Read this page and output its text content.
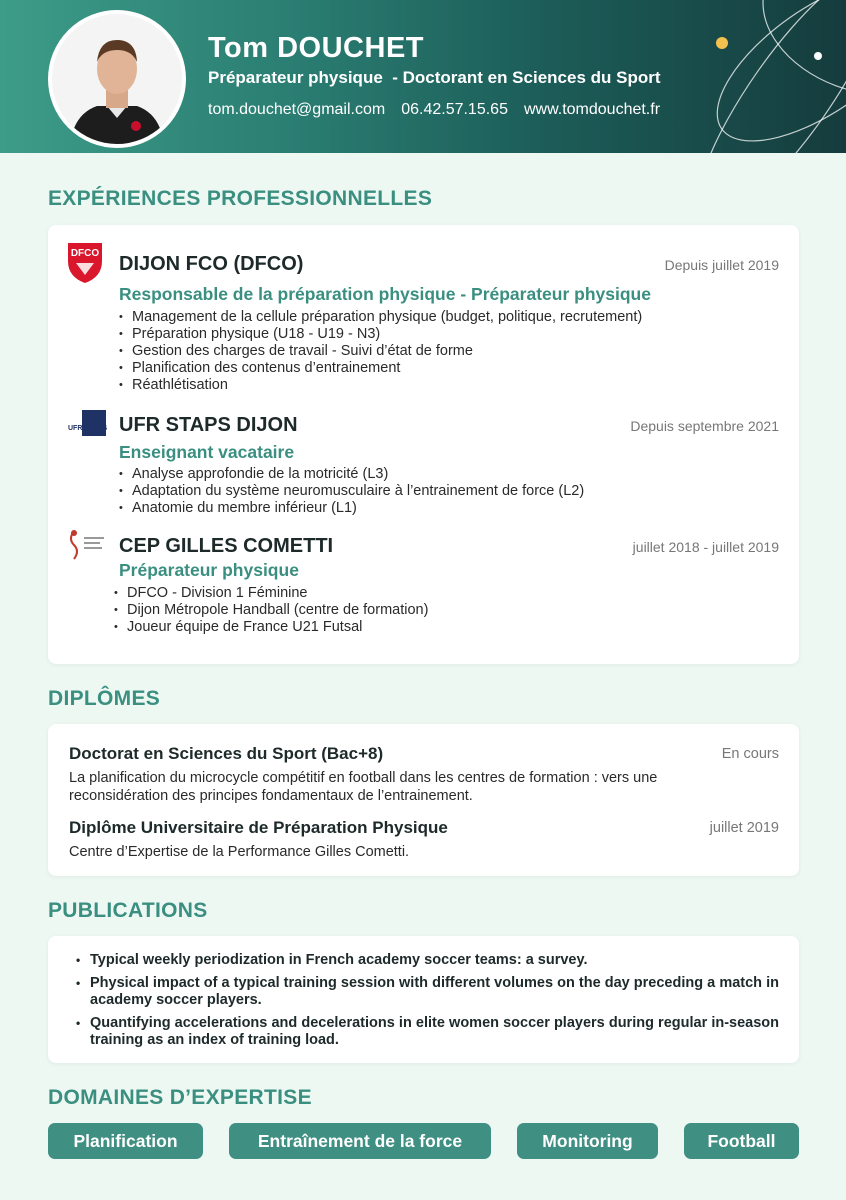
Tom DOUCHET
Préparateur physique  - Doctorant en Sciences du Sport
tom.douchet@gmail.com 06.42.57.15.65 www.tomdouchet.fr
EXPÉRIENCES PROFESSIONNELLES
DFCO DIJON FCO (DFCO)	Depuis juillet 2019
Responsable de la préparation physique - Préparateur physique
• Management de la cellule préparation physique (budget, politique, recrutement)
• Préparation physique (U18 - U19 - N3)
• Gestion des charges de travail - Suivi d’état de forme
• Planification des contenus d’entrainement
• Réathlétisation
UFR STAPS UFR STAPS DIJON	Depuis septembre 2021
Enseignant vacataire
• Analyse approfondie de la motricité (L3)
• Adaptation du système neuromusculaire à l’entrainement de force (L2)
• Anatomie du membre inférieur (L1)
CEP GILLES COMETTI	juillet 2018 - juillet 2019
Préparateur physique
• DFCO - Division 1 Féminine
• Dijon Métropole Handball (centre de formation)
• Joueur équipe de France U21 Futsal
DIPLÔMES
Doctorat en Sciences du Sport (Bac+8)	En cours
La planification du microcycle compétitif en football dans les centres de formation : vers une reconsidération des principes fondamentaux de l’entrainement.
Diplôme Universitaire de Préparation Physique	juillet 2019
Centre d’Expertise de la Performance Gilles Cometti.
PUBLICATIONS
• Typical weekly periodization in French academy soccer teams: a survey.
• Physical impact of a typical training session with different volumes on the day preceding a match in academy soccer players.
• Quantifying accelerations and decelerations in elite women soccer players during regular in-season training as an index of training load.
DOMAINES D’EXPERTISE
Planification	Entraînement de la force	Monitoring	Football
